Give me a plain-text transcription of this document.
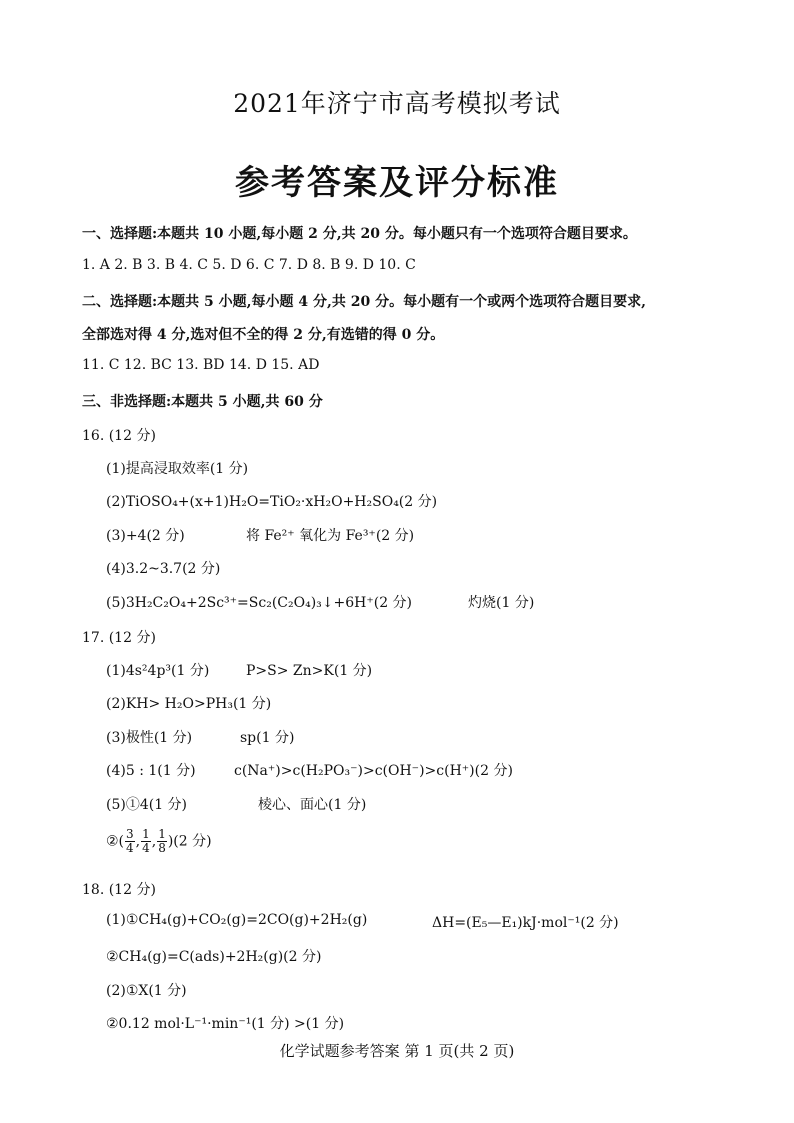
2021年济宁市高考模拟考试
参考答案及评分标准
一、选择题:本题共 10 小题,每小题 2 分,共 20 分。每小题只有一个选项符合题目要求。
1. A 2. B 3. B 4. C 5. D 6. C 7. D 8. B 9. D 10. C
二、选择题:本题共 5 小题,每小题 4 分,共 20 分。每小题有一个或两个选项符合题目要求,
全部选对得 4 分,选对但不全的得 2 分,有选错的得 0 分。
11. C 12. BC 13. BD 14. D 15. AD
三、非选择题:本题共 5 小题,共 60 分
16. (12 分)
(1)提高浸取效率(1 分)
(2)TiOSO₄+(x+1)H₂O=TiO₂·xH₂O+H₂SO₄(2 分)
(3)+4(2 分)	将 Fe²⁺ 氧化为 Fe³⁺(2 分)
(4)3.2~3.7(2 分)
(5)3H₂C₂O₄+2Sc³⁺=Sc₂(C₂O₄)₃↓+6H⁺(2 分)	灼烧(1 分)
17. (12 分)
(1)4s²4p³(1 分)	P>S> Zn>K(1 分)
(2)KH> H₂O>PH₃(1 分)
(3)极性(1 分)	sp(1 分)
(4)5 : 1(1 分)	c(Na⁺)>c(H₂PO₃⁻)>c(OH⁻)>c(H⁺)(2 分)
(5)①4(1 分)	棱心、面心(1 分)
②( $\frac{3}{4}$ , $\frac{1}{4}$ , $\frac{1}{8} )(2$ 分)
18. (12 分)
(1)①CH₄(g)+CO₂(g)=2CO(g)+2H₂(g)	ΔH=(E₅—E₁)kJ·mol⁻¹(2 分)
②CH₄(g)=C(ads)+2H₂(g)(2 分)
(2)①X(1 分)
②0.12 mol·L⁻¹·min⁻¹(1 分) >(1 分)
化学试题参考答案 第 1 页(共 2 页)
